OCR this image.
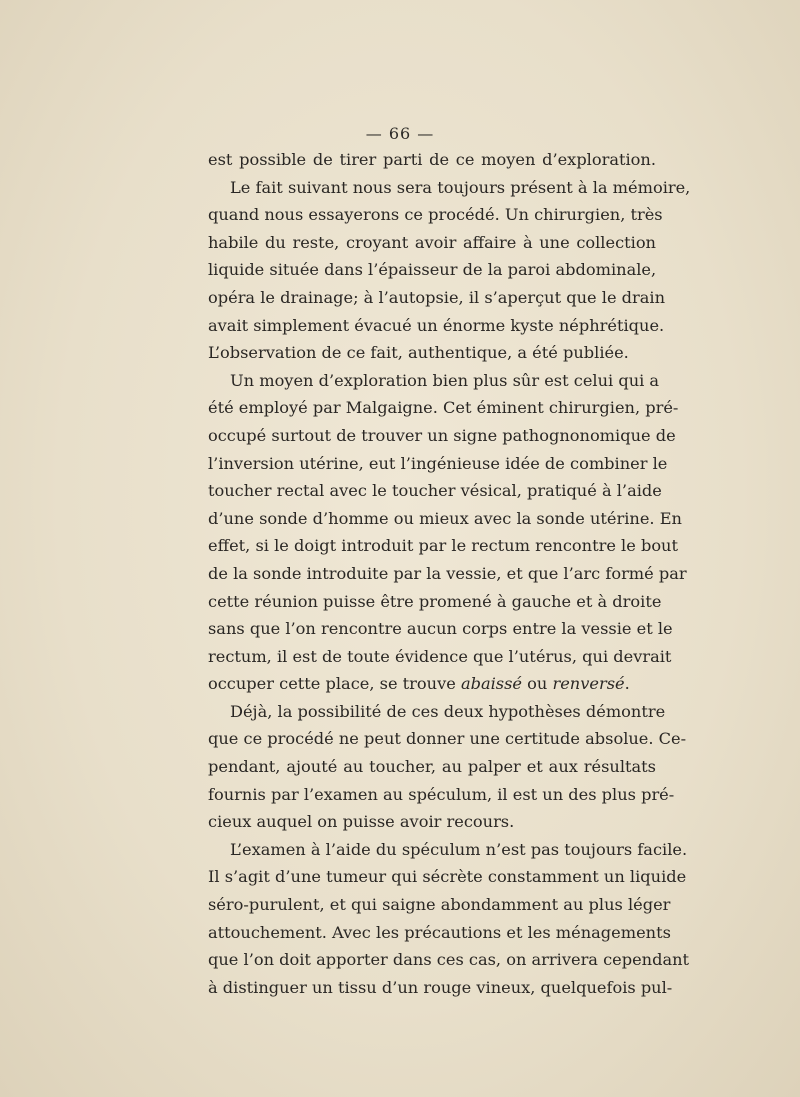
— 66 —
est possible de tirer parti de ce moyen d’exploration.
Le fait suivant nous sera toujours présent à la mémoire,
quand nous essayerons ce procédé. Un chirurgien, très
habile du reste, croyant avoir affaire à une collection
liquide située dans l’épaisseur de la paroi abdominale,
opéra le drainage; à l’autopsie, il s’aperçut que le drain
avait simplement évacué un énorme kyste néphrétique.
L’observation de ce fait, authentique, a été publiée.
Un moyen d’exploration bien plus sûr est celui qui a
été employé par Malgaigne. Cet éminent chirurgien, pré-
occupé surtout de trouver un signe pathognonomique de
l’inversion utérine, eut l’ingénieuse idée de combiner le
toucher rectal avec le toucher vésical, pratiqué à l’aide
d’une sonde d’homme ou mieux avec la sonde utérine. En
effet, si le doigt introduit par le rectum rencontre le bout
de la sonde introduite par la vessie, et que l’arc formé par
cette réunion puisse être promené à gauche et à droite
sans que l’on rencontre aucun corps entre la vessie et le
rectum, il est de toute évidence que l’utérus, qui devrait
occuper cette place, se trouve abaissé ou renversé.
Déjà, la possibilité de ces deux hypothèses démontre
que ce procédé ne peut donner une certitude absolue. Ce-
pendant, ajouté au toucher, au palper et aux résultats
fournis par l’examen au spéculum, il est un des plus pré-
cieux auquel on puisse avoir recours.
L’examen à l’aide du spéculum n’est pas toujours facile.
Il s’agit d’une tumeur qui sécrète constamment un liquide
séro-purulent, et qui saigne abondamment au plus léger
attouchement. Avec les précautions et les ménagements
que l’on doit apporter dans ces cas, on arrivera cependant
à distinguer un tissu d’un rouge vineux, quelquefois pul-
